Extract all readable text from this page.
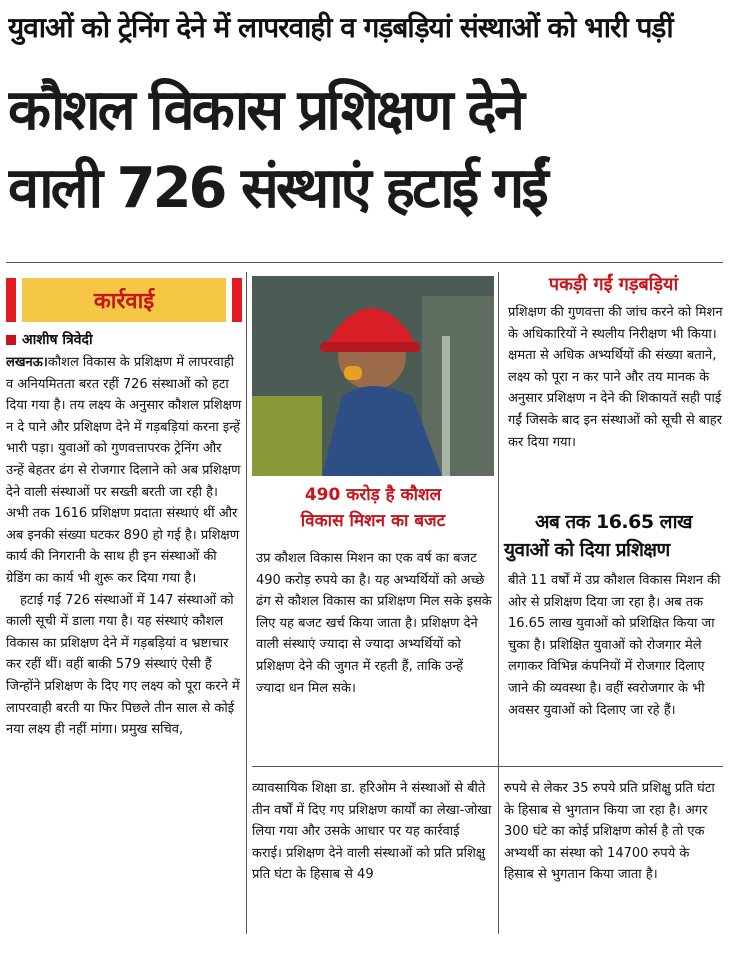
युवाओं को ट्रेनिंग देने में लापरवाही व गड़बड़ियां संस्थाओं को भारी पड़ीं
कौशल विकास प्रशिक्षण देने
वाली 726 संस्थाएं हटाई गईं
कार्रवाई
आशीष त्रिवेदी
लखनऊ।कौशल विकास के प्रशिक्षण में लापरवाही व अनियमितता बरत रहीं 726 संस्थाओं को हटा दिया गया है। तय लक्ष्य के अनुसार कौशल प्रशिक्षण न दे पाने और प्रशिक्षण देने में गड़बड़ियां करना इन्हें भारी पड़ा। युवाओं को गुणवत्तापरक ट्रेनिंग और उन्हें बेहतर ढंग से रोजगार दिलाने को अब प्रशिक्षण देने वाली संस्थाओं पर सख्ती बरती जा रही है। अभी तक 1616 प्रशिक्षण प्रदाता संस्थाएं थीं और अब इनकी संख्या घटकर 890 हो गई है। प्रशिक्षण कार्य की निगरानी के साथ ही इन संस्थाओं की ग्रेडिंग का कार्य भी शुरू कर दिया गया है।
हटाई गई 726 संस्थाओं में 147 संस्थाओं को काली सूची में डाला गया है। यह संस्थाएं कौशल विकास का प्रशिक्षण देने में गड़बड़ियां व भ्रष्टाचार कर रहीं थीं। वहीं बाकी 579 संस्थाएं ऐसी हैं जिन्होंने प्रशिक्षण के दिए गए लक्ष्य को पूरा करने में लापरवाही बरती या फिर पिछले तीन साल से कोई नया लक्ष्य ही नहीं मांगा। प्रमुख सचिव,
490 करोड़ है कौशल
विकास मिशन का बजट
उप्र कौशल विकास मिशन का एक वर्ष का बजट 490 करोड़ रुपये का है। यह अभ्यर्थियों को अच्छे ढंग से कौशल विकास का प्रशिक्षण मिल सके इसके लिए यह बजट खर्च किया जाता है। प्रशिक्षण देने वाली संस्थाएं ज्यादा से ज्यादा अभ्यर्थियों को प्रशिक्षण देने की जुगत में रहती हैं, ताकि उन्हें ज्यादा धन मिल सके।
पकड़ी गईं गड़बड़ियां
प्रशिक्षण की गुणवत्ता की जांच करने को मिशन के अधिकारियों ने स्थलीय निरीक्षण भी किया। क्षमता से अधिक अभ्यर्थियों की संख्या बताने, लक्ष्य को पूरा न कर पाने और तय मानक के अनुसार प्रशिक्षण न देने की शिकायतें सही पाई गईं जिसके बाद इन संस्थाओं को सूची से बाहर कर दिया गया।
अब तक 16.65 लाख
युवाओं को दिया प्रशिक्षण
बीते 11 वर्षों में उप्र कौशल विकास मिशन की ओर से प्रशिक्षण दिया जा रहा है। अब तक 16.65 लाख युवाओं को प्रशिक्षित किया जा चुका है। प्रशिक्षित युवाओं को रोजगार मेले लगाकर विभिन्न कंपनियों में रोजगार दिलाए जाने की व्यवस्था है। वहीं स्वरोजगार के भी अवसर युवाओं को दिलाए जा रहे हैं।
व्यावसायिक शिक्षा डा. हरिओम ने संस्थाओं से बीते तीन वर्षों में दिए गए प्रशिक्षण कार्यों का लेखा-जोखा लिया गया और उसके आधार पर यह कार्रवाई कराई। प्रशिक्षण देने वाली संस्थाओं को प्रति प्रशिक्षु प्रति घंटा के हिसाब से 49
रुपये से लेकर 35 रुपये प्रति प्रशिक्षु प्रति घंटा के हिसाब से भुगतान किया जा रहा है। अगर 300 घंटे का कोई प्रशिक्षण कोर्स है तो एक अभ्यर्थी का संस्था को 14700 रुपये के हिसाब से भुगतान किया जाता है।
